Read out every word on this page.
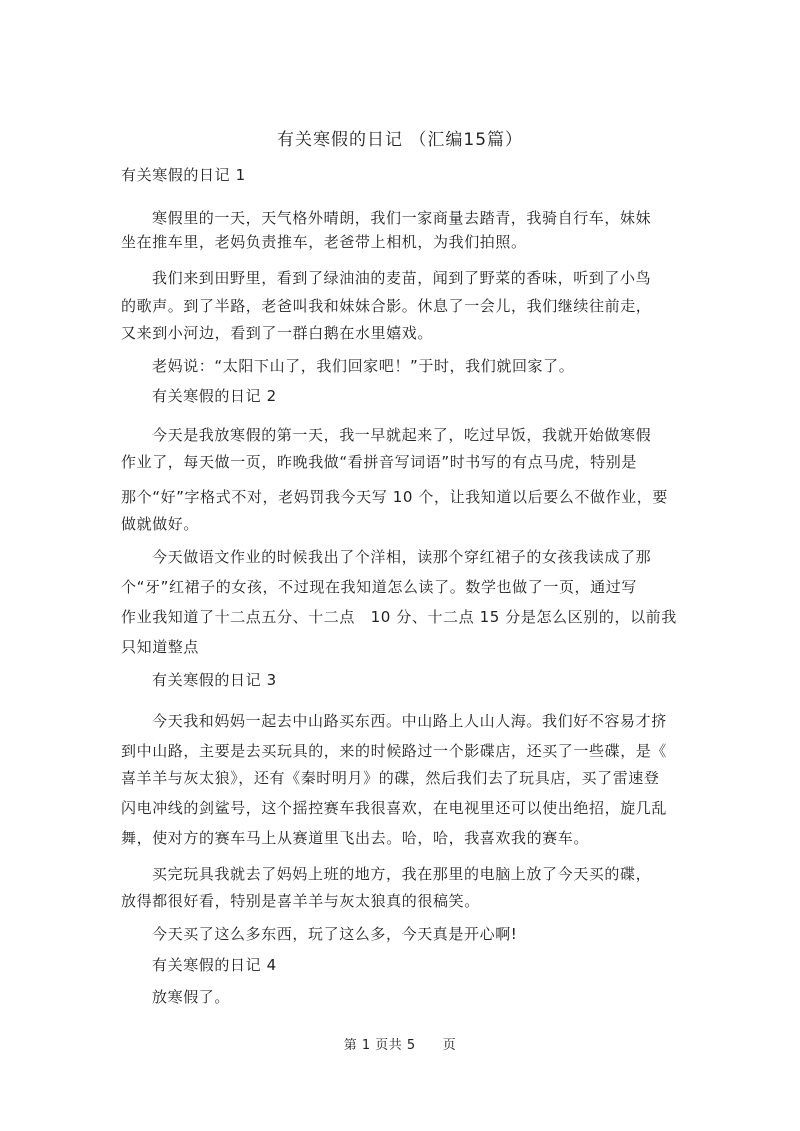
有关寒假的日记 （汇编15篇）
有关寒假的日记 1
寒假里的一天，天气格外晴朗，我们一家商量去踏青，我骑自行车，妹妹
坐在推车里，老妈负责推车，老爸带上相机，为我们拍照。
我们来到田野里，看到了绿油油的麦苗，闻到了野菜的香味，听到了小鸟
的歌声。到了半路，老爸叫我和妹妹合影。休息了一会儿，我们继续往前走，
又来到小河边，看到了一群白鹅在水里嬉戏。
老妈说：“太阳下山了，我们回家吧！”于时，我们就回家了。
有关寒假的日记 2
今天是我放寒假的第一天，我一早就起来了，吃过早饭，我就开始做寒假
作业了，每天做一页，昨晚我做“看拼音写词语”时书写的有点马虎，特别是
那个“好”字格式不对，老妈罚我今天写 10 个，让我知道以后要么不做作业，要
做就做好。
今天做语文作业的时候我出了个洋相，读那个穿红裙子的女孩我读成了那
个“牙”红裙子的女孩，不过现在我知道怎么读了。数学也做了一页，通过写
作业我知道了十二点五分、十二点　10 分、十二点 15 分是怎么区别的，以前我
只知道整点
有关寒假的日记 3
今天我和妈妈一起去中山路买东西。中山路上人山人海。我们好不容易才挤
到中山路，主要是去买玩具的，来的时候路过一个影碟店，还买了一些碟，是《
喜羊羊与灰太狼》，还有《秦时明月》的碟，然后我们去了玩具店，买了雷速登
闪电冲线的剑鲨号，这个摇控赛车我很喜欢，在电视里还可以使出绝招，旋几乱
舞，使对方的赛车马上从赛道里飞出去。哈，哈，我喜欢我的赛车。
买完玩具我就去了妈妈上班的地方，我在那里的电脑上放了今天买的碟，
放得都很好看，特别是喜羊羊与灰太狼真的很稿笑。
今天买了这么多东西，玩了这么多，今天真是开心啊!
有关寒假的日记 4
放寒假了。
第 1 页共 5　　页
